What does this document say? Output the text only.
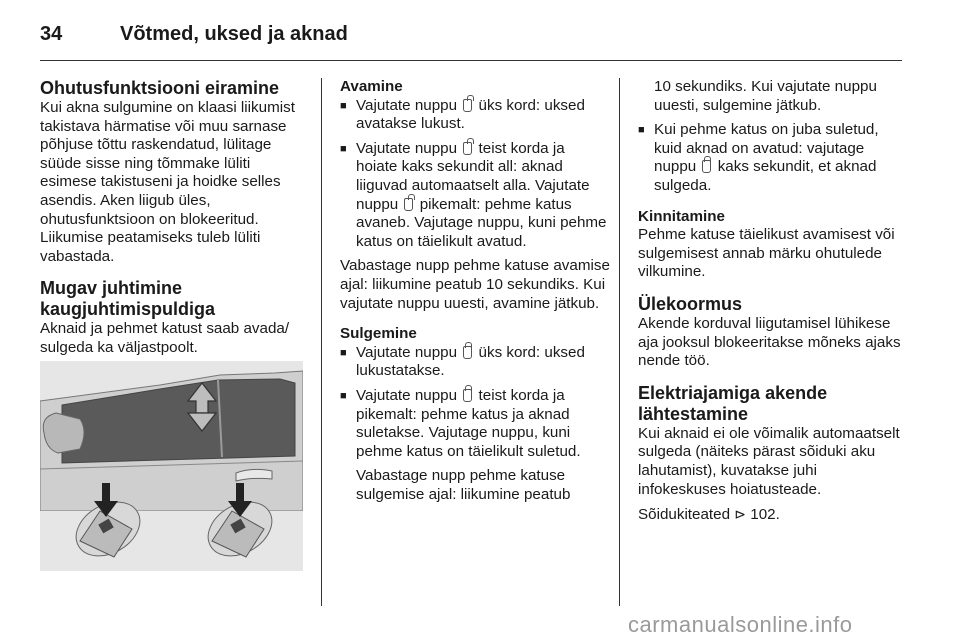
34	Võtmed, uksed ja aknad
Ohutusfunktsiooni eiramine

Kui akna sulgumine on klaasi liikumist takistava härmatise või muu sarnase põhjuse tõttu raskendatud, lülitage süüde sisse ning tõmmake lüliti esimese takistuseni ja hoidke selles asendis. Aken liigub üles, ohutusfunktsioon on blokeeritud. Liikumise peatamiseks tuleb lüliti vabastada.

Mugav juhtimine
kaugjuhtimispuldiga

Aknaid ja pehmet katust saab avada/ sulgeda ka väljastpoolt.

Avamine
■ Vajutate nuppu üks kord: uksed avatakse lukust.
■ Vajutate nuppu teist korda ja hoiate kaks sekundit all: aknad liiguvad automaatselt alla. Vajutate nuppu pikemalt: pehme katus avaneb. Vajutage nuppu, kuni pehme katus on täielikult avatud.

Vabastage nupp pehme katuse avamise ajal: liikumine peatub 10 sekundiks. Kui vajutate nuppu uuesti, avamine jätkub.

Sulgemine
■ Vajutate nuppu üks kord: uksed lukustatakse.
■ Vajutate nuppu teist korda ja pikemalt: pehme katus ja aknad suletakse. Vajutage nuppu, kuni pehme katus on täielikult suletud.

Vabastage nupp pehme katuse sulgemise ajal: liikumine peatub

10 sekundiks. Kui vajutate nuppu uuesti, sulgemine jätkub.

■ Kui pehme katus on juba suletud, kuid aknad on avatud: vajutage nuppu kaks sekundit, et aknad sulgeda.
Kinnitamine

Pehme katuse täielikust avamisest või sulgemisest annab märku ohutulede vilkumine.

Ülekoormus

Akende korduval liigutamisel lühikese aja jooksul blokeeritakse mõneks ajaks nende töö.

Elektriajamiga akende
lähtestamine

Kui aknaid ei ole võimalik automaatselt sulgeda (näiteks pärast sõiduki aku lahutamist), kuvatakse juhi infokeskuses hoiatusteade.

Sõidukiteated ⊳ 102.

carmanualsonline.info
